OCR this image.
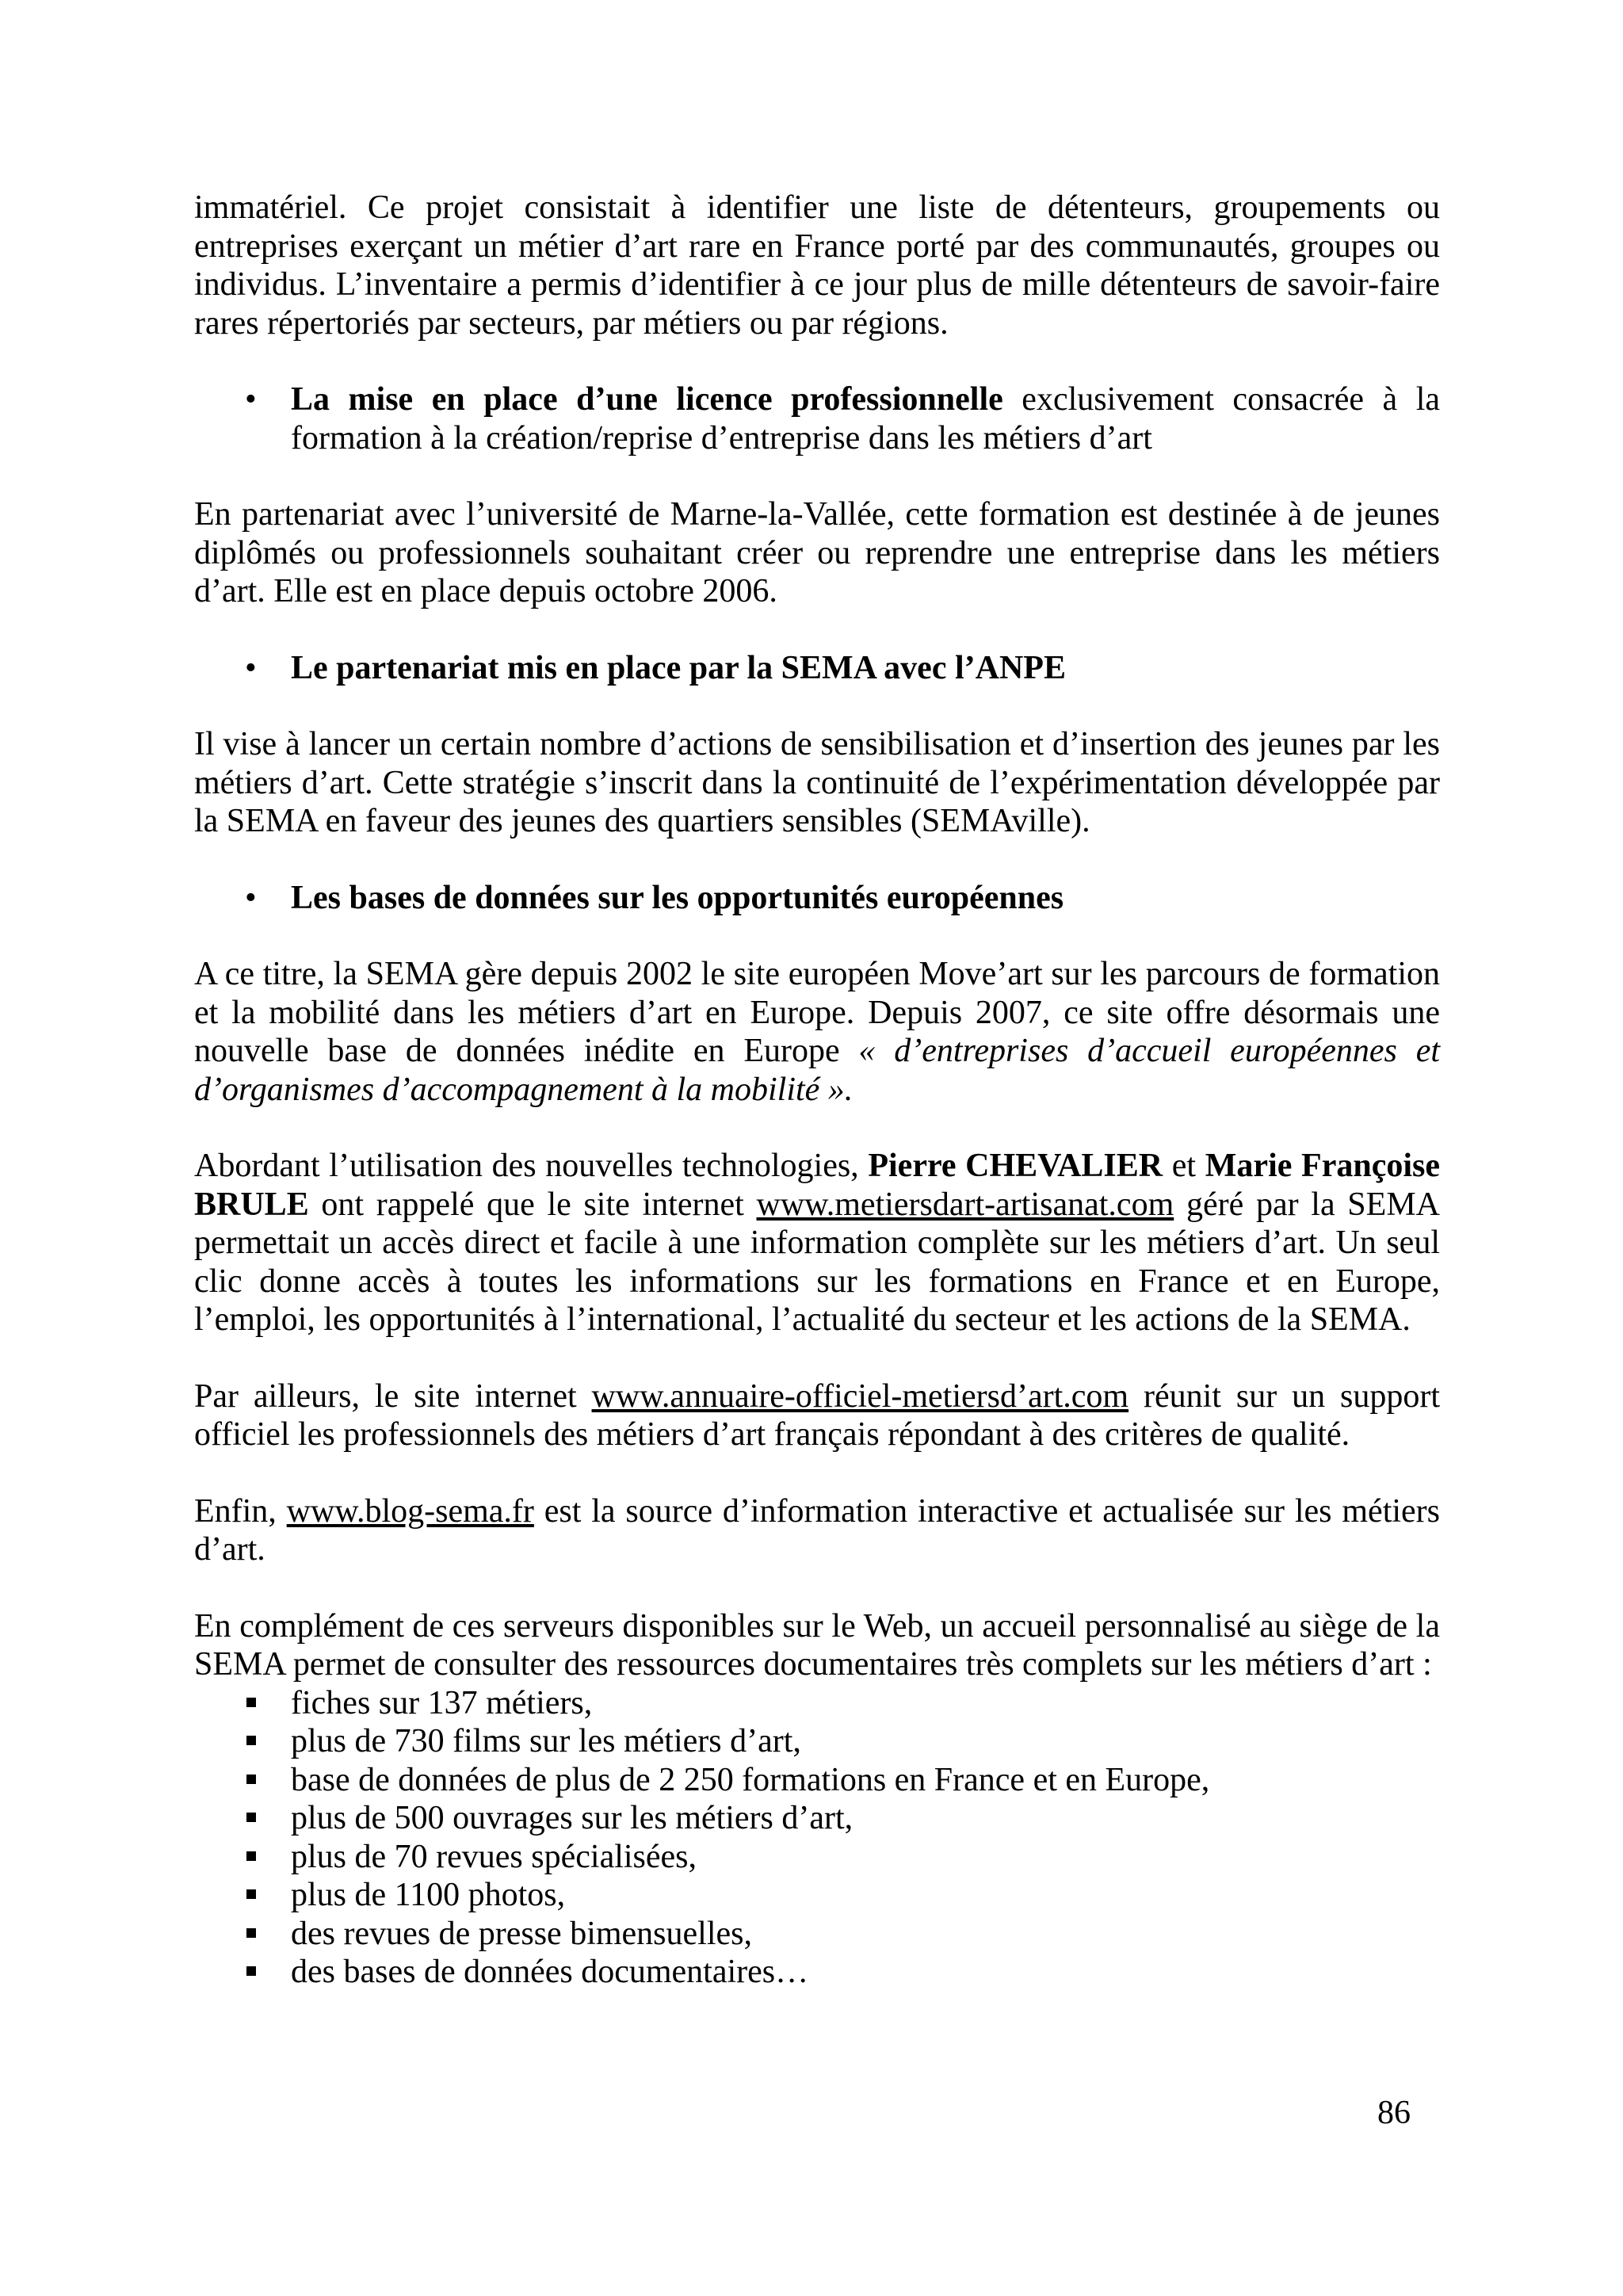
immatériel. Ce projet consistait à identifier une liste de détenteurs, groupements ou entreprises exerçant un métier d’art rare en France porté par des communautés, groupes ou individus. L’inventaire a permis d’identifier à ce jour plus de mille détenteurs de savoir-faire rares répertoriés par secteurs, par métiers ou par régions.

• La mise en place d’une licence professionnelle exclusivement consacrée à la formation à la création/reprise d’entreprise dans les métiers d’art

En partenariat avec l’université de Marne-la-Vallée, cette formation est destinée à de jeunes diplômés ou professionnels souhaitant créer ou reprendre une entreprise dans les métiers d’art. Elle est en place depuis octobre 2006.

• Le partenariat mis en place par la SEMA avec l’ANPE

Il vise à lancer un certain nombre d’actions de sensibilisation et d’insertion des jeunes par les métiers d’art. Cette stratégie s’inscrit dans la continuité de l’expérimentation développée par la SEMA en faveur des jeunes des quartiers sensibles (SEMAville).

• Les bases de données sur les opportunités européennes

A ce titre, la SEMA gère depuis 2002 le site européen Move’art sur les parcours de formation et la mobilité dans les métiers d’art en Europe. Depuis 2007, ce site offre désormais une nouvelle base de données inédite en Europe « d’entreprises d’accueil européennes et d’organismes d’accompagnement à la mobilité ».

Abordant l’utilisation des nouvelles technologies, Pierre CHEVALIER et Marie Françoise BRULE ont rappelé que le site internet www.metiersdart-artisanat.com géré par la SEMA permettait un accès direct et facile à une information complète sur les métiers d’art. Un seul clic donne accès à toutes les informations sur les formations en France et en Europe, l’emploi, les opportunités à l’international, l’actualité du secteur et les actions de la SEMA.

Par ailleurs, le site internet www.annuaire-officiel-metiersd’art.com réunit sur un support officiel les professionnels des métiers d’art français répondant à des critères de qualité.

Enfin, www.blog-sema.fr est la source d’information interactive et actualisée sur les métiers d’art.

En complément de ces serveurs disponibles sur le Web, un accueil personnalisé au siège de la SEMA permet de consulter des ressources documentaires très complets sur les métiers d’art :

fiches sur 137 métiers,
plus de 730 films sur les métiers d’art,
base de données de plus de 2 250 formations en France et en Europe,
plus de 500 ouvrages sur les métiers d’art,
plus de 70 revues spécialisées,
plus de 1100 photos,
des revues de presse bimensuelles,
des bases de données documentaires…
86
